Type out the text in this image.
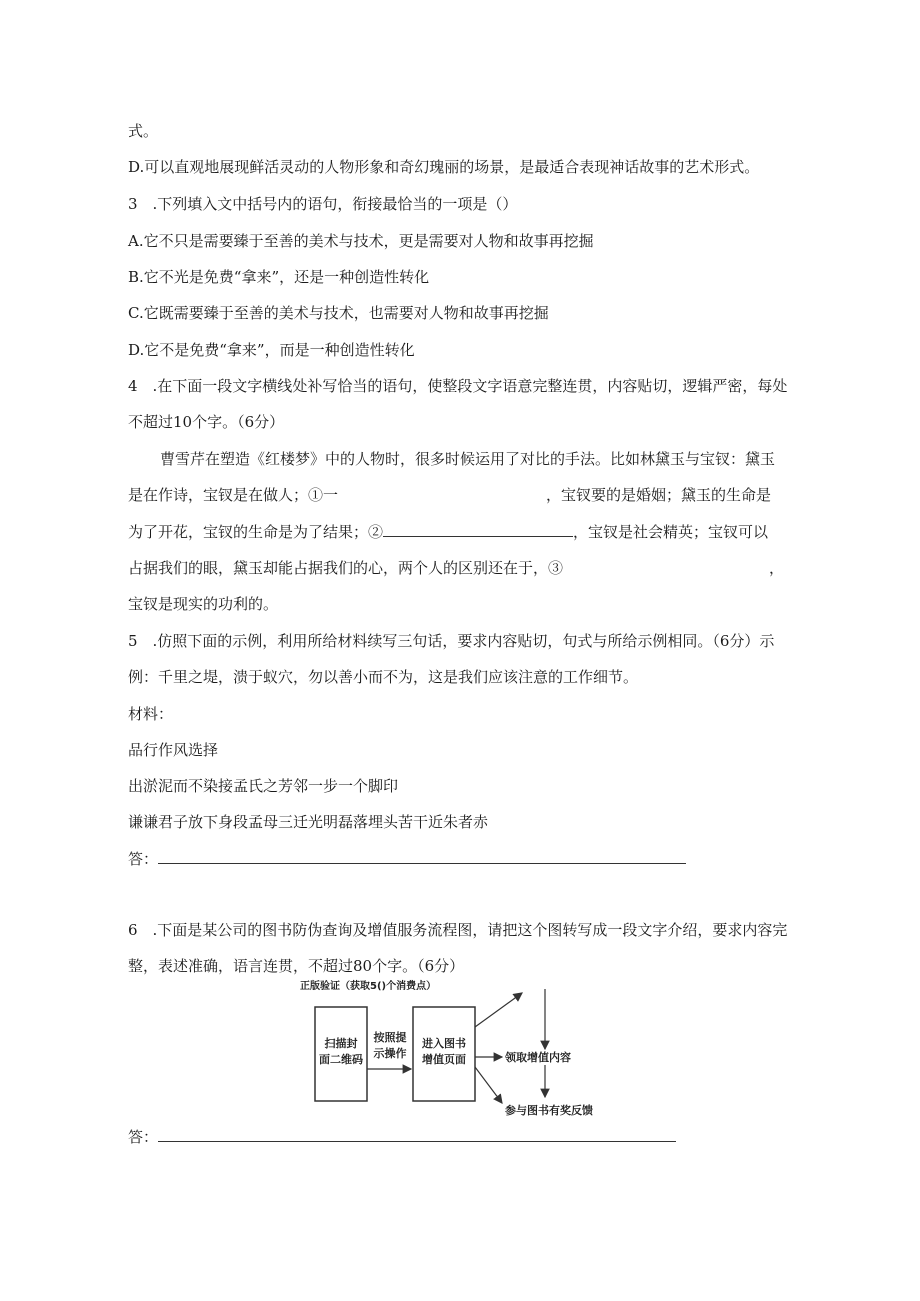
式。
D.可以直观地展现鲜活灵动的人物形象和奇幻瑰丽的场景，是最适合表现神话故事的艺术形式。
3　.下列填入文中括号内的语句，衔接最恰当的一项是（）
A.它不只是需要臻于至善的美术与技术，更是需要对人物和故事再挖掘
B.它不光是免费“拿来”，还是一种创造性转化
C.它既需要臻于至善的美术与技术，也需要对人物和故事再挖掘
D.它不是免费“拿来”，而是一种创造性转化
4　.在下面一段文字横线处补写恰当的语句，使整段文字语意完整连贯，内容贴切，逻辑严密，每处
不超过10个字。（6分）
曹雪芹在塑造《红楼梦》中的人物时，很多时候运用了对比的手法。比如林黛玉与宝钗：黛玉
是在作诗，宝钗是在做人；①一	，宝钗要的是婚姻；黛玉的生命是
为了开花，宝钗的生命是为了结果；②	，宝钗是社会精英；宝钗可以
占据我们的眼，黛玉却能占据我们的心，两个人的区别还在于，③	，
宝钗是现实的功利的。
5　.仿照下面的示例，利用所给材料续写三句话，要求内容贴切，句式与所给示例相同。（6分）示
例：千里之堤，溃于蚁穴，勿以善小而不为，这是我们应该注意的工作细节。
材料：
品行作风选择
出淤泥而不染接孟氏之芳邻一步一个脚印
谦谦君子放下身段孟母三迁光明磊落埋头苦干近朱者赤
答：
6　.下面是某公司的图书防伪查询及增值服务流程图，请把这个图转写成一段文字介绍，要求内容完
整，表述准确，语言连贯，不超过80个字。（6分）
正版验证（获取5()个消费点）
扫描封
面二维码
按照提
示操作
进入图书
增值页面	领取增值内容
参与图书有奖反馈
答：
